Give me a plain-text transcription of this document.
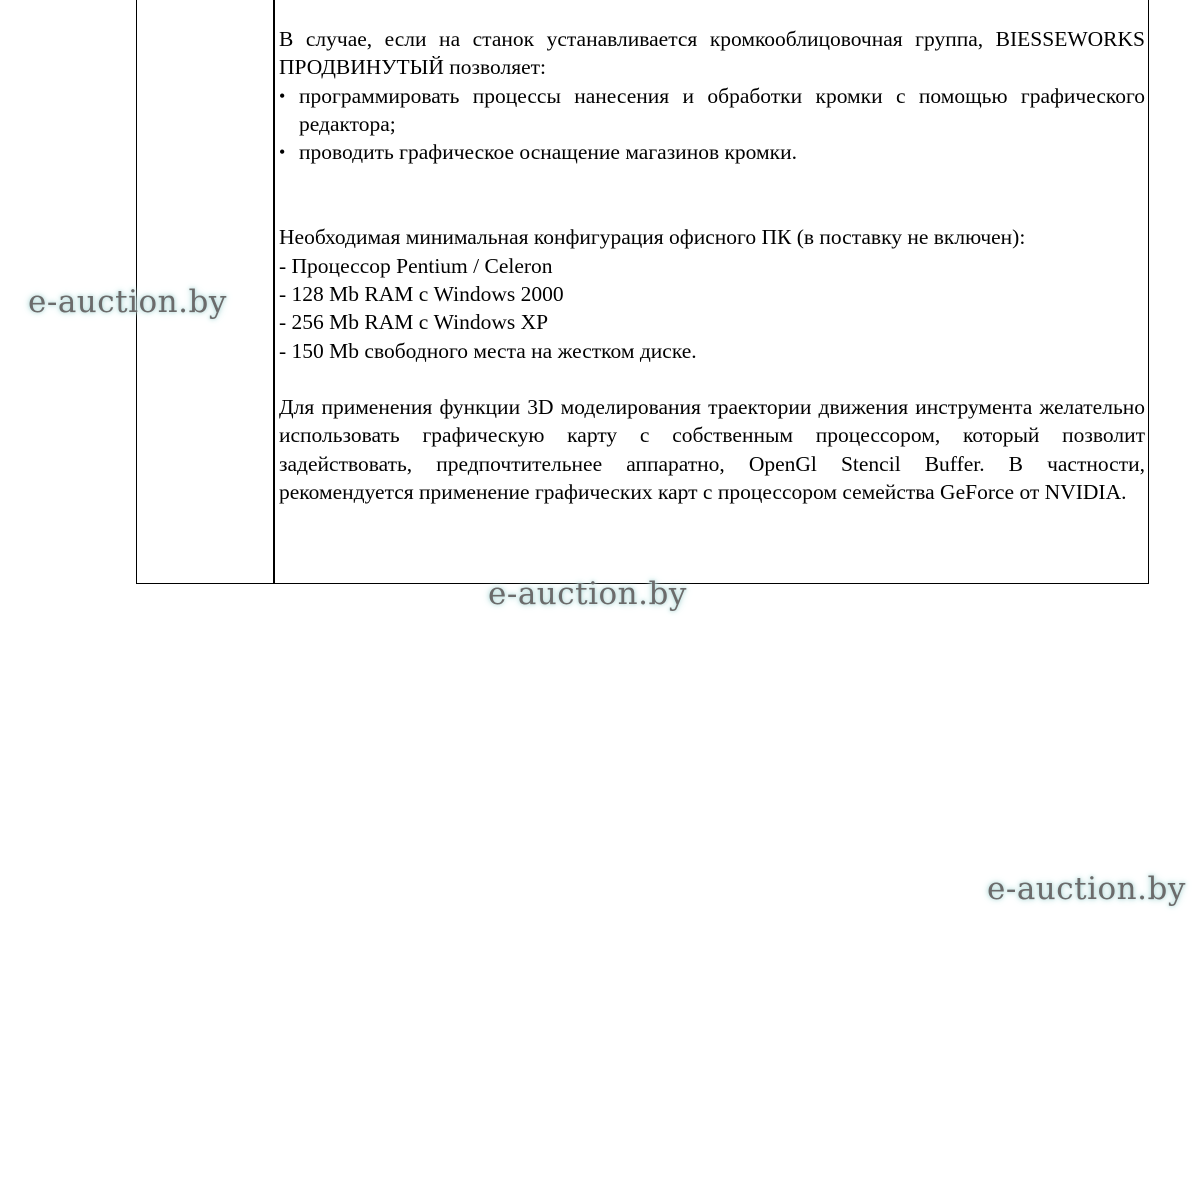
В случае, если на станок устанавливается кромкооблицовочная группа, BIESSEWORKS ПРОДВИНУТЫЙ позволяет:

• программировать процессы нанесения и обработки кромки с помощью графического редактора;
• проводить графическое оснащение магазинов кромки.

Необходимая минимальная конфигурация офисного ПК (в поставку не включен):

- Процессор Pentium / Celeron

- 128 Mb RAM с Windows 2000

- 256 Mb RAM с Windows XP

- 150 Mb свободного места на жестком диске.

Для применения функции 3D моделирования траектории движения инструмента желательно использовать графическую карту с собственным процессором, который позволит задействовать, предпочтительнее аппаратно, OpenGl Stencil Buffer. В частности, рекомендуется применение графических карт с процессором семейства GeForce от NVIDIA.

e-auction.by
e-auction.by
e-auction.by
